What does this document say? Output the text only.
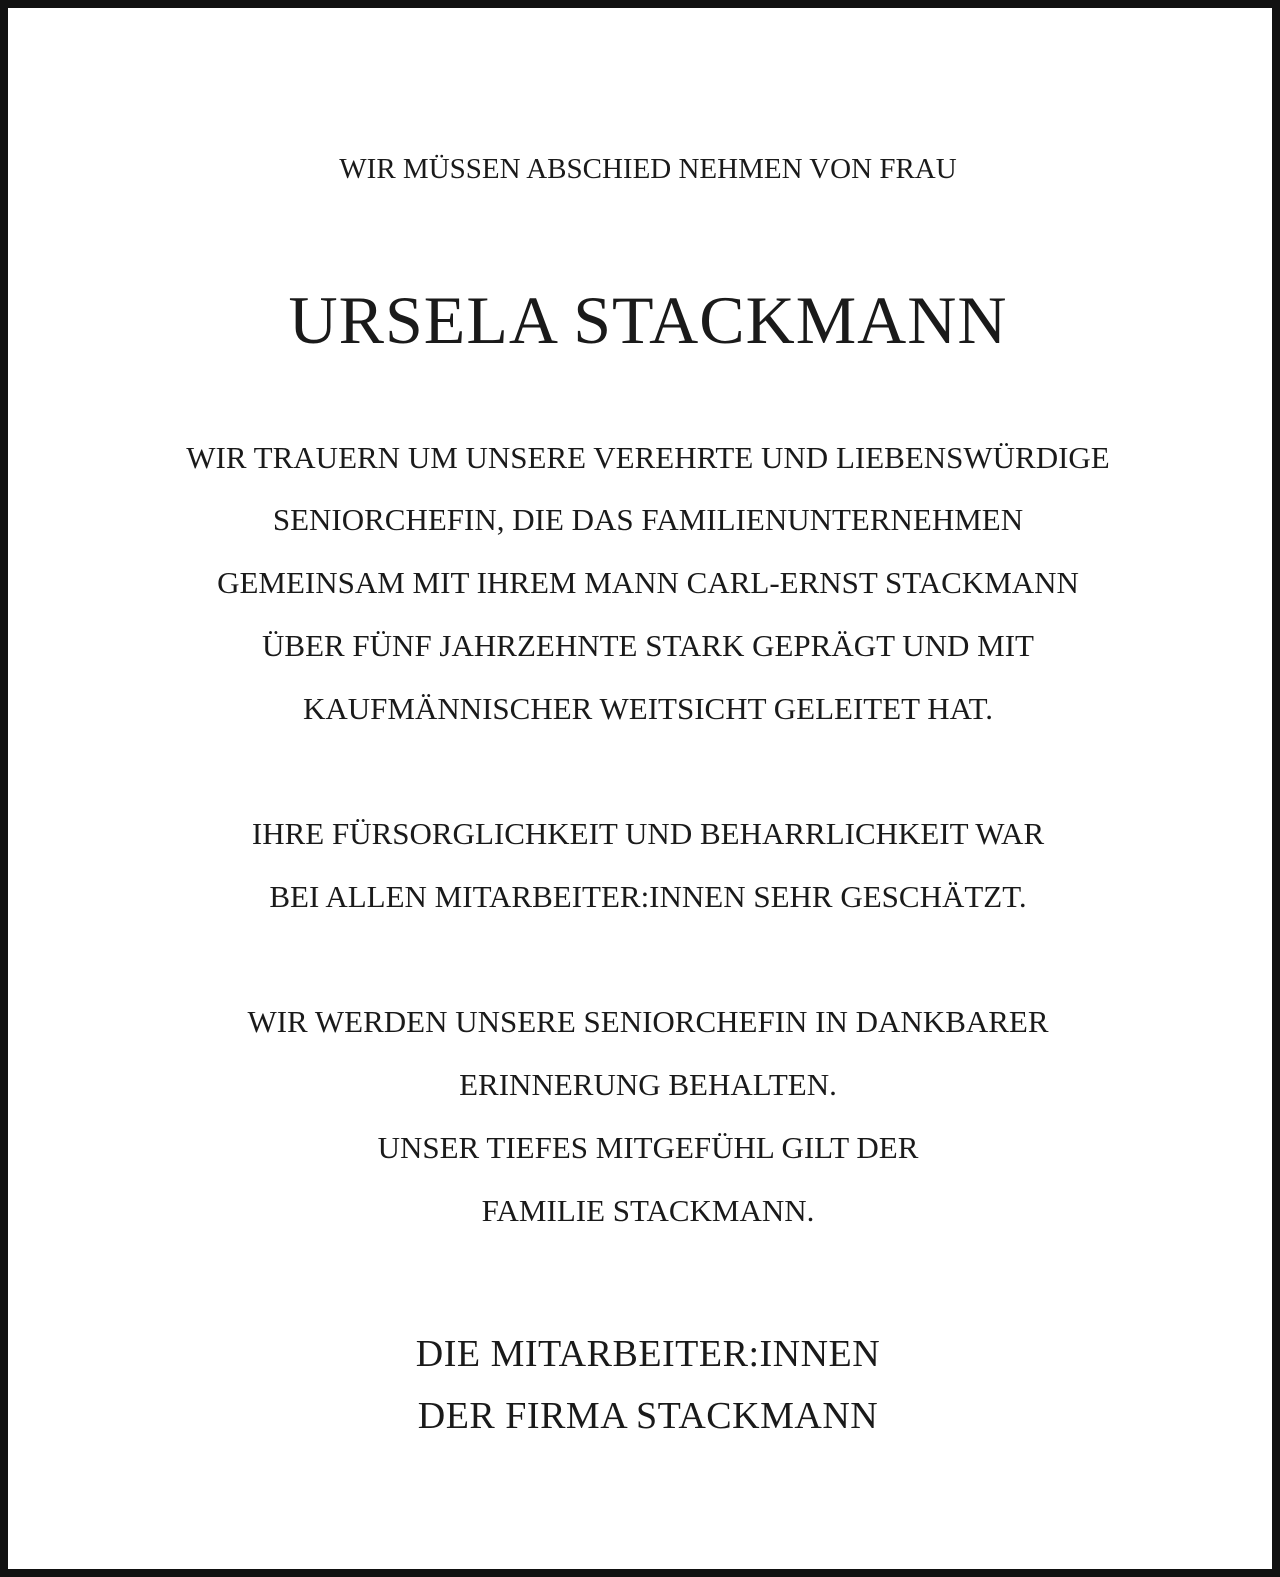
WIR MÜSSEN ABSCHIED NEHMEN VON FRAU

URSELA STACKMANN

WIR TRAUERN UM UNSERE VEREHRTE UND LIEBENSWÜRDIGE

SENIORCHEFIN, DIE DAS FAMILIENUNTERNEHMEN

GEMEINSAM MIT IHREM MANN CARL-ERNST STACKMANN

ÜBER FÜNF JAHRZEHNTE STARK GEPRÄGT UND MIT

KAUFMÄNNISCHER WEITSICHT GELEITET HAT.

IHRE FÜRSORGLICHKEIT UND BEHARRLICHKEIT WAR

BEI ALLEN MITARBEITER:INNEN SEHR GESCHÄTZT.

WIR WERDEN UNSERE SENIORCHEFIN IN DANKBARER

ERINNERUNG BEHALTEN.

UNSER TIEFES MITGEFÜHL GILT DER

FAMILIE STACKMANN.

DIE MITARBEITER:INNEN

DER FIRMA STACKMANN
